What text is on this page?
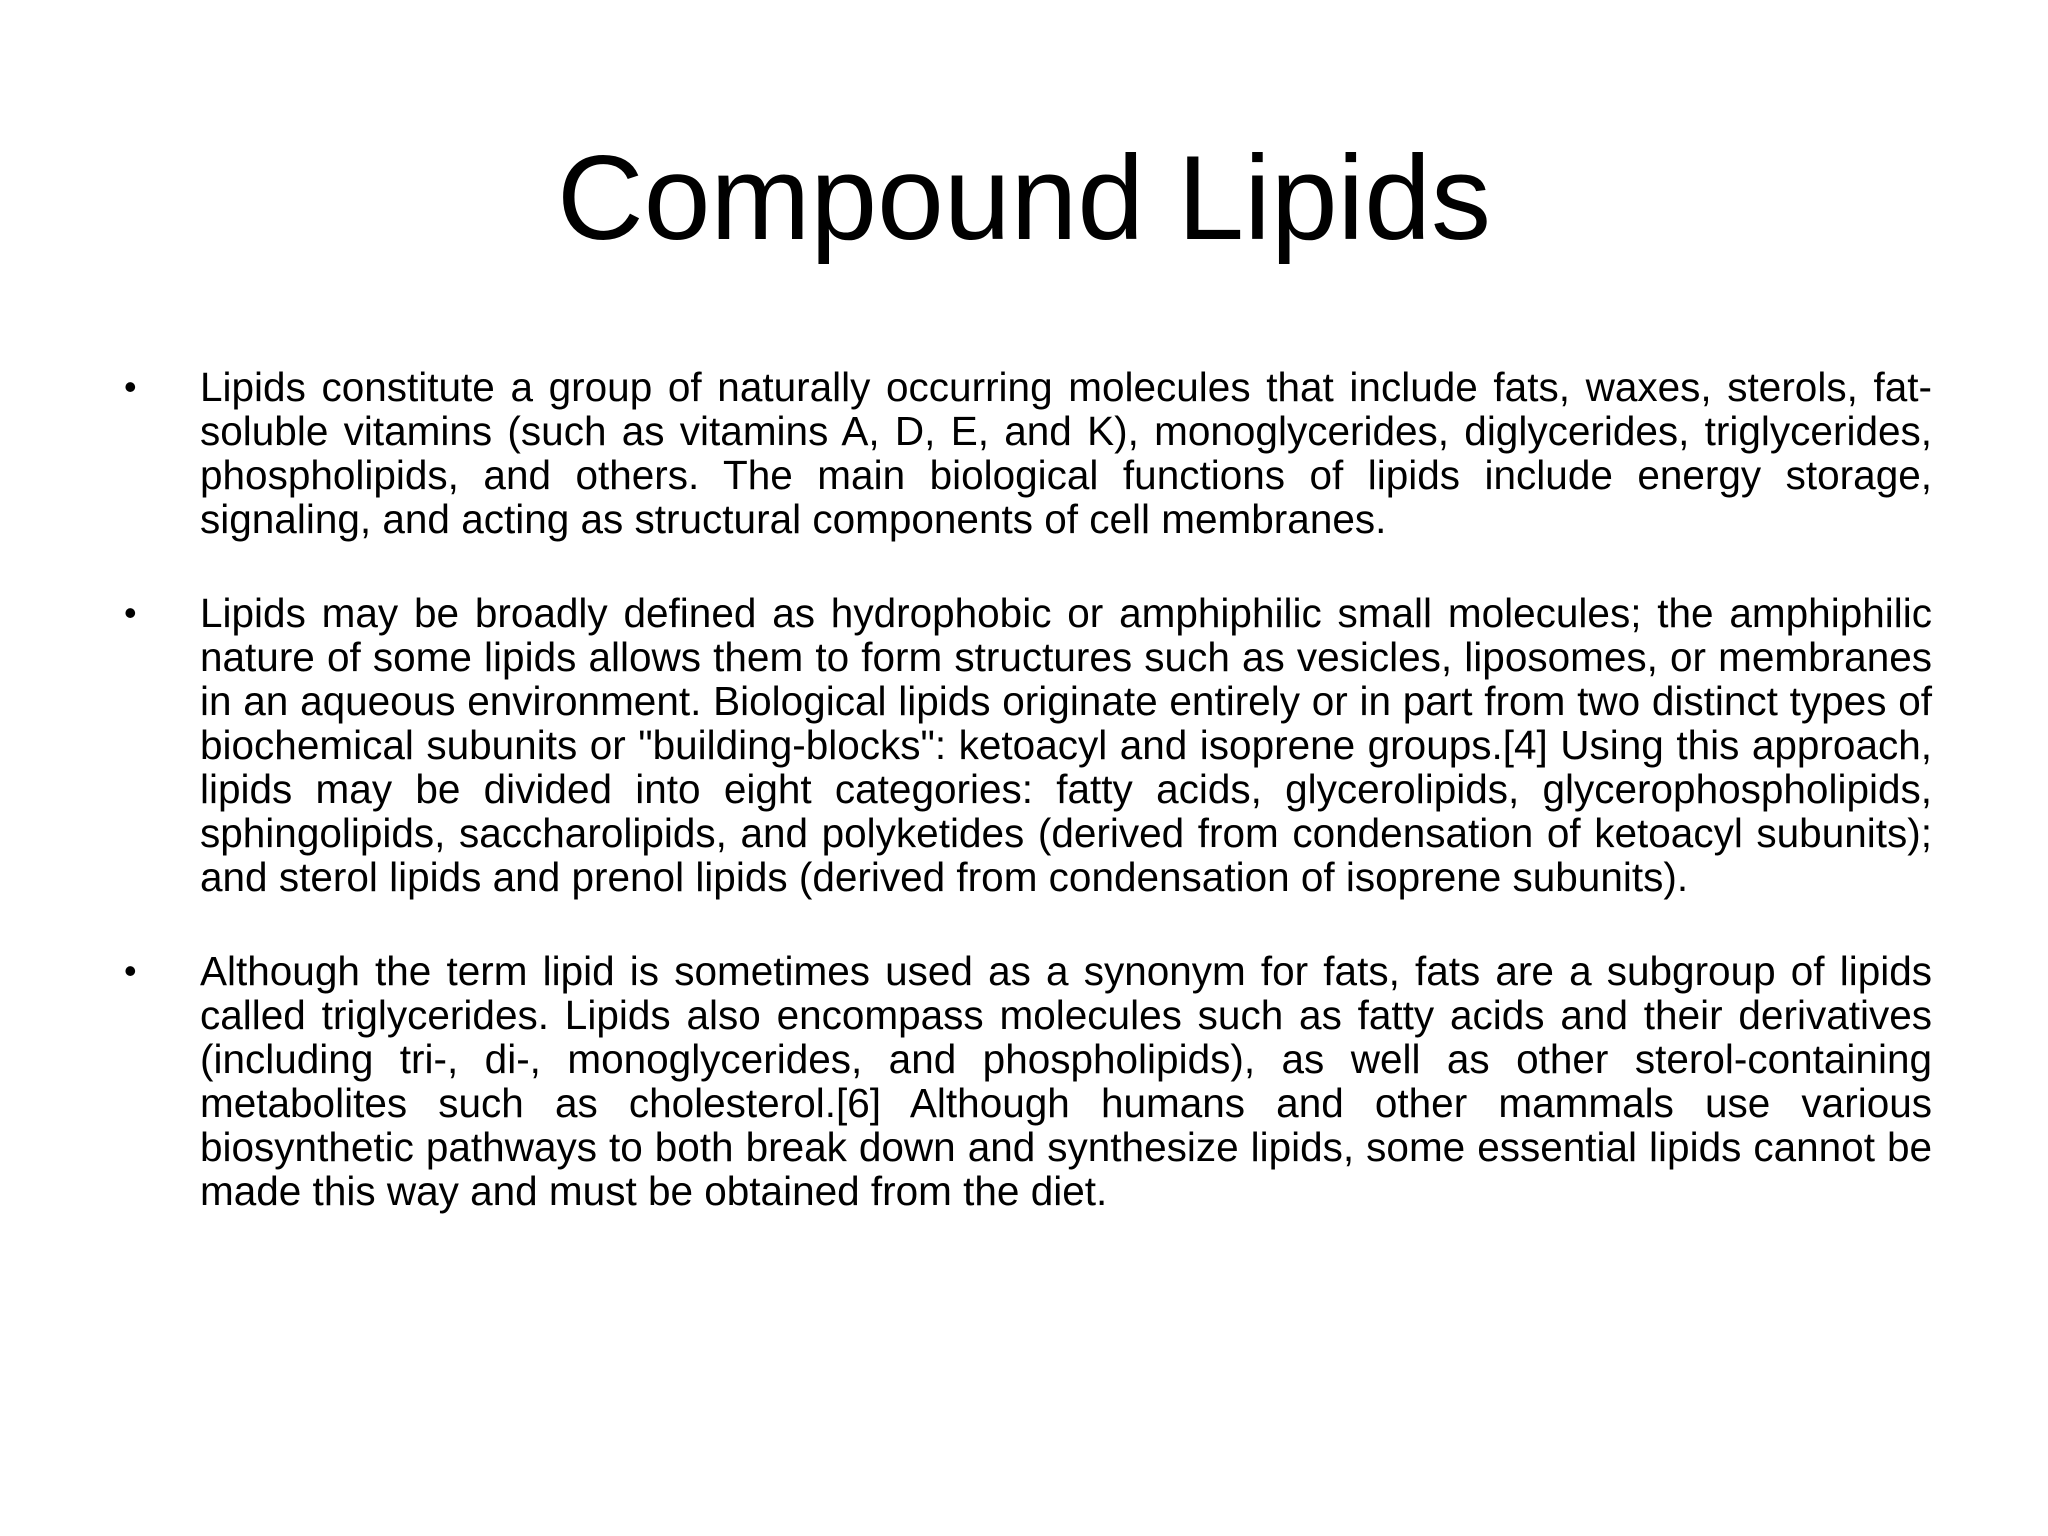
Compound Lipids
• Lipids constitute a group of naturally occurring molecules that include fats, waxes, sterols, fat-soluble vitamins (such as vitamins A, D, E, and K), monoglycerides, diglycerides, triglycerides, phospholipids, and others. The main biological functions of lipids include energy storage, signaling, and acting as structural components of cell membranes.
• Lipids may be broadly defined as hydrophobic or amphiphilic small molecules; the amphiphilic nature of some lipids allows them to form structures such as vesicles, liposomes, or membranes in an aqueous environment. Biological lipids originate entirely or in part from two distinct types of biochemical subunits or "building-blocks": ketoacyl and isoprene groups.[4] Using this approach, lipids may be divided into eight categories: fatty acids, glycerolipids, glycerophospholipids, sphingolipids, saccharolipids, and polyketides (derived from condensation of ketoacyl subunits); and sterol lipids and prenol lipids (derived from condensation of isoprene subunits).
• Although the term lipid is sometimes used as a synonym for fats, fats are a subgroup of lipids called triglycerides. Lipids also encompass molecules such as fatty acids and their derivatives (including tri-, di-, monoglycerides, and phospholipids), as well as other sterol-containing metabolites such as cholesterol.[6] Although humans and other mammals use various biosynthetic pathways to both break down and synthesize lipids, some essential lipids cannot be made this way and must be obtained from the diet.
